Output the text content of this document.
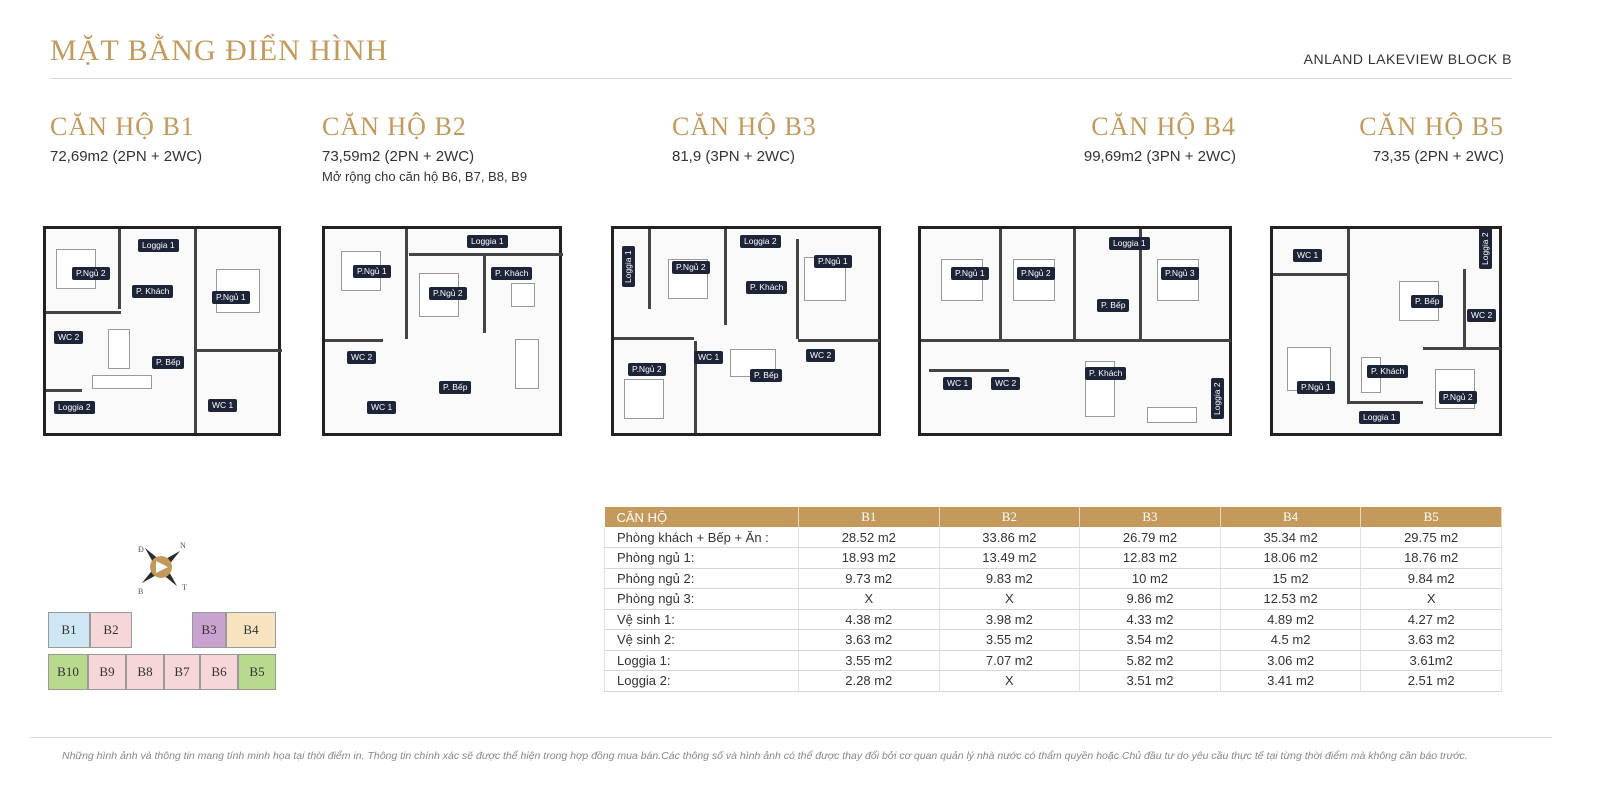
MẶT BẰNG ĐIỂN HÌNH	ANLAND LAKEVIEW BLOCK B
CĂN HỘ B1
72,69m2 (2PN + 2WC)
CĂN HỘ B2
73,59m2 (2PN + 2WC)
Mở rộng cho căn hộ B6, B7, B8, B9
CĂN HỘ B3
81,9 (3PN + 2WC)
CĂN HỘ B4
99,69m2 (3PN + 2WC)
CĂN HỘ B5
73,35 (2PN + 2WC)
P.Ngủ 2
Loggia 1
P. Khách
P.Ngủ 1
WC 2
P. Bếp
Loggia 2	WC 1
P.Ngủ 1
Loggia 1
P. Khách
P.Ngủ 2
WC 2
P. Bếp
WC 1
P.Ngủ 2
Loggia 2
P. Khách
P.Ngủ 1
P.Ngủ 2
WC 1
P. Bếp
WC 2
Loggia 1
Loggia 1
P.Ngủ 1	P.Ngủ 2	P.Ngủ 3
P. Bếp
P. Khách
WC 1	WC 2	Loggia 2
WC 1
P. Bếp
WC 2
P.Ngủ 1
P. Khách
P.Ngủ 2
Loggia 1
Loggia 2
N
Đ
T
B
B1	B2	B3	B4
B10	B9	B8	B7	B6	B5
CĂN HỘ	B1	B2	B3	B4	B5
Phòng khách + Bếp + Ăn :	28.52 m2	33.86 m2	26.79 m2	35.34 m2	29.75 m2
Phòng ngủ 1:	18.93 m2	13.49 m2	12.83 m2	18.06 m2	18.76 m2
Phòng ngủ 2:	9.73 m2	9.83 m2	10 m2	15 m2	9.84 m2
Phòng ngủ 3:	X	X	9.86 m2	12.53 m2	X
Vệ sinh 1:	4.38 m2	3.98 m2	4.33 m2	4.89 m2	4.27 m2
Vệ sinh 2:	3.63 m2	3.55 m2	3.54 m2	4.5 m2	3.63 m2
Loggia 1:	3.55 m2	7.07 m2	5.82 m2	3.06 m2	3.61m2
Loggia 2:	2.28 m2	X	3.51 m2	3.41 m2	2.51 m2
Những hình ảnh và thông tin mang tính minh họa tại thời điểm in. Thông tin chính xác sẽ được thể hiện trong hợp đồng mua bán.Các thông số và hình ảnh có thể được thay đổi bởi cơ quan quản lý nhà nước có thẩm quyền hoặc Chủ đầu tư do yêu cầu thực tế tại từng thời điểm mà không cần báo trước.
